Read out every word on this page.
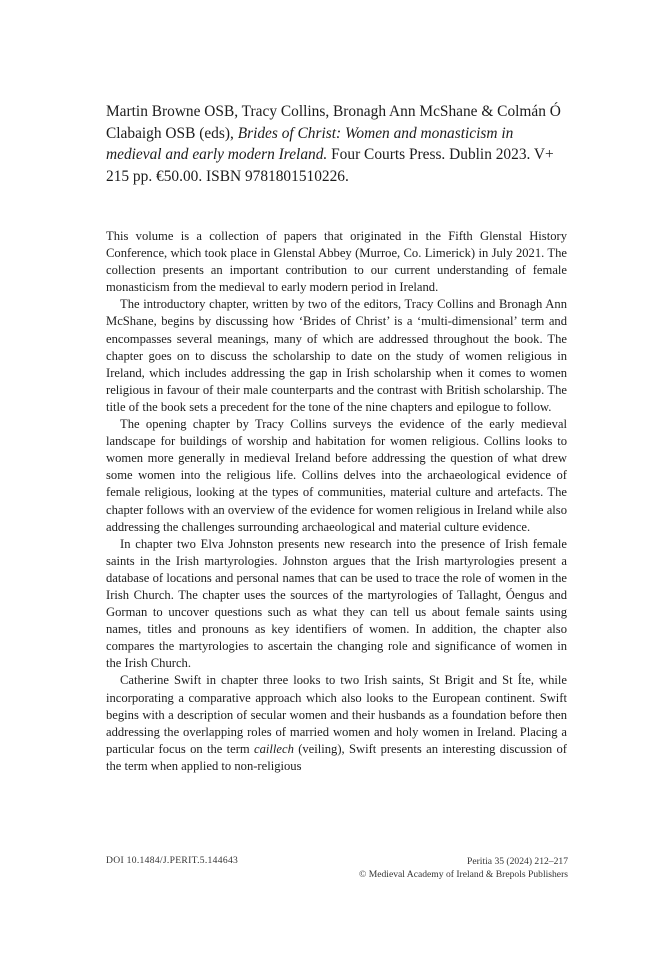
Martin Browne OSB, Tracy Collins, Bronagh Ann McShane & Colmán Ó Clabaigh OSB (eds), Brides of Christ: Women and monasticism in medieval and early modern Ireland. Four Courts Press. Dublin 2023. V+ 215 pp. €50.00. ISBN 9781801510226.

This volume is a collection of papers that originated in the Fifth Glenstal History Conference, which took place in Glenstal Abbey (Murroe, Co. Limerick) in July 2021. The collection presents an important contribution to our current understanding of female monasticism from the medieval to early modern period in Ireland.

The introductory chapter, written by two of the editors, Tracy Collins and Bronagh Ann McShane, begins by discussing how ‘Brides of Christ’ is a ‘multi-dimensional’ term and encompasses several meanings, many of which are addressed throughout the book. The chapter goes on to discuss the scholarship to date on the study of women religious in Ireland, which includes addressing the gap in Irish scholarship when it comes to women religious in favour of their male counterparts and the contrast with British scholarship. The title of the book sets a precedent for the tone of the nine chapters and epilogue to follow.

The opening chapter by Tracy Collins surveys the evidence of the early medieval landscape for buildings of worship and habitation for women religious. Collins looks to women more generally in medieval Ireland before addressing the question of what drew some women into the religious life. Collins delves into the archaeological evidence of female religious, looking at the types of communities, material culture and artefacts. The chapter follows with an overview of the evidence for women religious in Ireland while also addressing the challenges surrounding archaeological and material culture evidence.

In chapter two Elva Johnston presents new research into the presence of Irish female saints in the Irish martyrologies. Johnston argues that the Irish martyrologies present a database of locations and personal names that can be used to trace the role of women in the Irish Church. The chapter uses the sources of the martyrologies of Tallaght, Óengus and Gorman to uncover questions such as what they can tell us about female saints using names, titles and pronouns as key identifiers of women. In addition, the chapter also compares the martyrologies to ascertain the changing role and significance of women in the Irish Church.

Catherine Swift in chapter three looks to two Irish saints, St Brigit and St Íte, while incorporating a comparative approach which also looks to the European continent. Swift begins with a description of secular women and their husbands as a foundation before then addressing the overlapping roles of married women and holy women in Ireland. Placing a particular focus on the term caillech (veiling), Swift presents an interesting discussion of the term when applied to non-religious

DOI 10.1484/J.PERIT.5.144643	Peritia 35 (2024) 212–217
© Medieval Academy of Ireland & Brepols Publishers
